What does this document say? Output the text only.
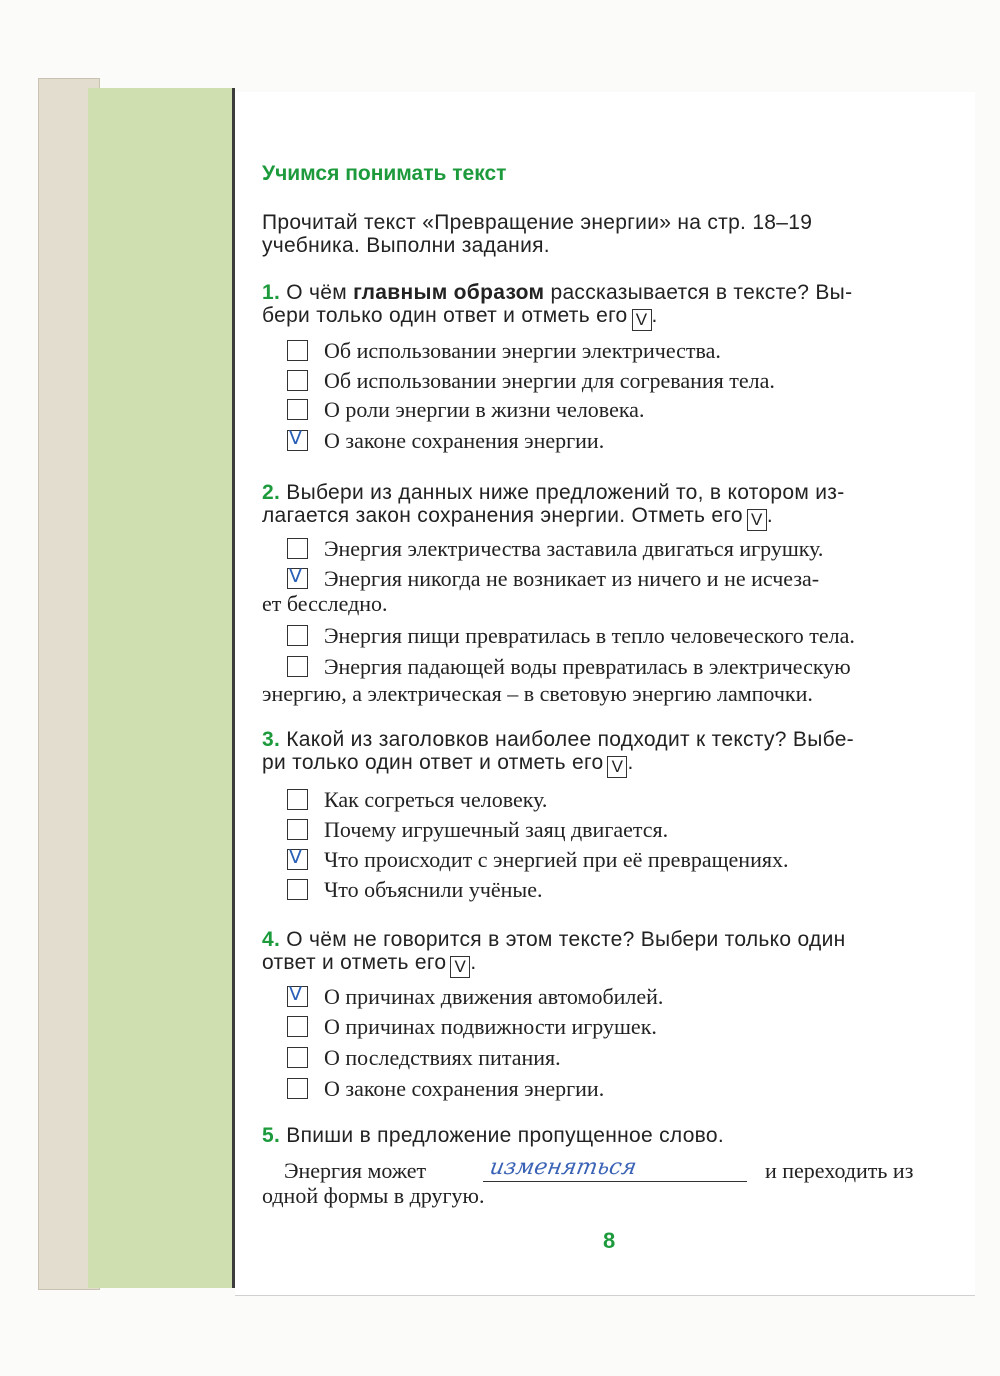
Учимся понимать текст
Прочитай текст «Превращение энергии» на стр. 18–19
учебника. Выполни задания.
1. О чём главным образом рассказывается в тексте? Вы-
бери только один ответ и отметь его V .
Об использовании энергии электричества.
Об использовании энергии для согревания тела.
О роли энергии в жизни человека.
V О законе сохранения энергии.
2. Выбери из данных ниже предложений то, в котором из-
лагается закон сохранения энергии. Отметь его V .
Энергия электричества заставила двигаться игрушку.
V Энергия никогда не возникает из ничего и не исчеза-
ет бесследно.
Энергия пищи превратилась в тепло человеческого тела.
Энергия падающей воды превратилась в электрическую
энергию, а электрическая – в световую энергию лампочки.
3. Какой из заголовков наиболее подходит к тексту? Выбе-
ри только один ответ и отметь его V .
Как согреться человеку.
Почему игрушечный заяц двигается.
V Что происходит с энергией при её превращениях.
Что объяснили учёные.
4. О чём не говорится в этом тексте? Выбери только один
ответ и отметь его V .
V О причинах движения автомобилей.
О причинах подвижности игрушек.
О последствиях питания.
О законе сохранения энергии.
5. Впиши в предложение пропущенное слово.
Энергия может	изменяться	и переходить из
одной формы в другую.
8
